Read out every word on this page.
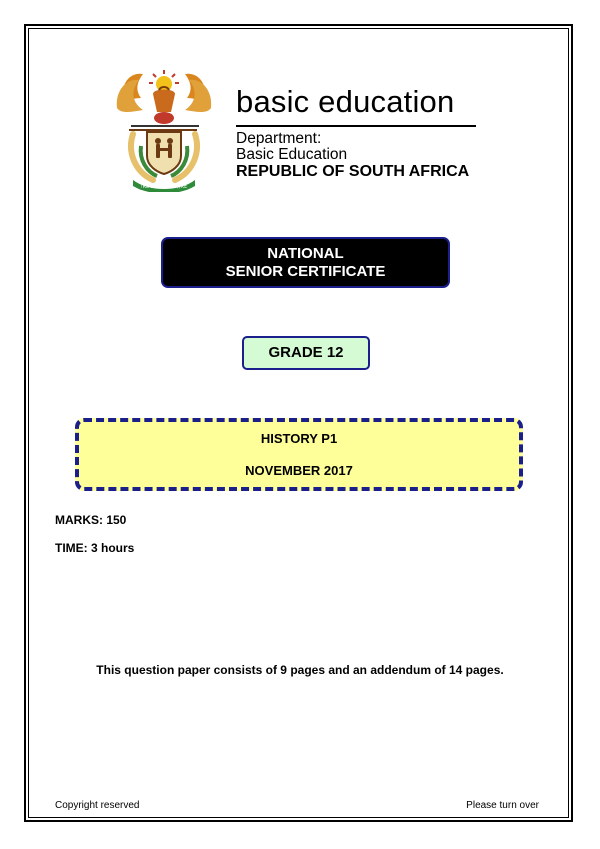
!KE E: /XARRA //KE
basic education
Department:
Basic Education
REPUBLIC OF SOUTH AFRICA
NATIONAL
SENIOR CERTIFICATE
GRADE 12
HISTORY P1
NOVEMBER 2017
MARKS: 150
TIME: 3 hours
This question paper consists of 9 pages and an addendum of 14 pages.
Copyright reserved	Please turn over
